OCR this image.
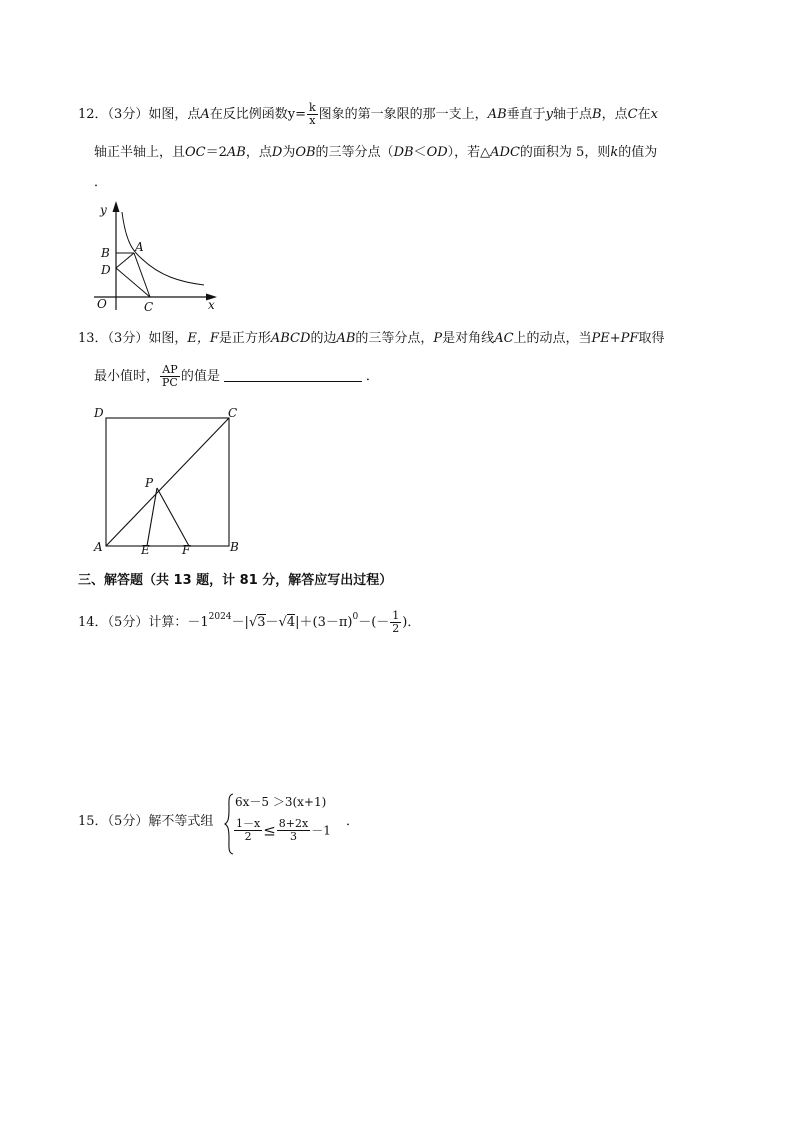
12．（3分）如图，点A在反比例函数$y= \frac{k}{x}$ 图象的第一象限的那一支上，AB垂直于y轴于点B，点C在x
轴正半轴上，且OC＝2AB，点D为OB的三等分点（DB＜OD），若△ADC的面积为 5，则k的值为
．
y
x
A
B
D
O	C
13．（3分）如图，E，F是正方形ABCD的边AB的三等分点，P是对角线AC上的动点，当PE+PF取得
最小值时， $\frac{AP}{PC}$ 的值是	．
D	C
P
A	E	F	B
三、解答题（共 13 题，计 81 分，解答应写出过程）
14．（5分）计算：$-1^{2024}-|√3-√4|+(3-\pi)^0-(- \frac{1}{2}$ )．
15．（5分）解不等式组
6x－5 ＞3(x+1)
$\frac{1-x}{2} \le \frac{8+2x}{3} -1$
．
